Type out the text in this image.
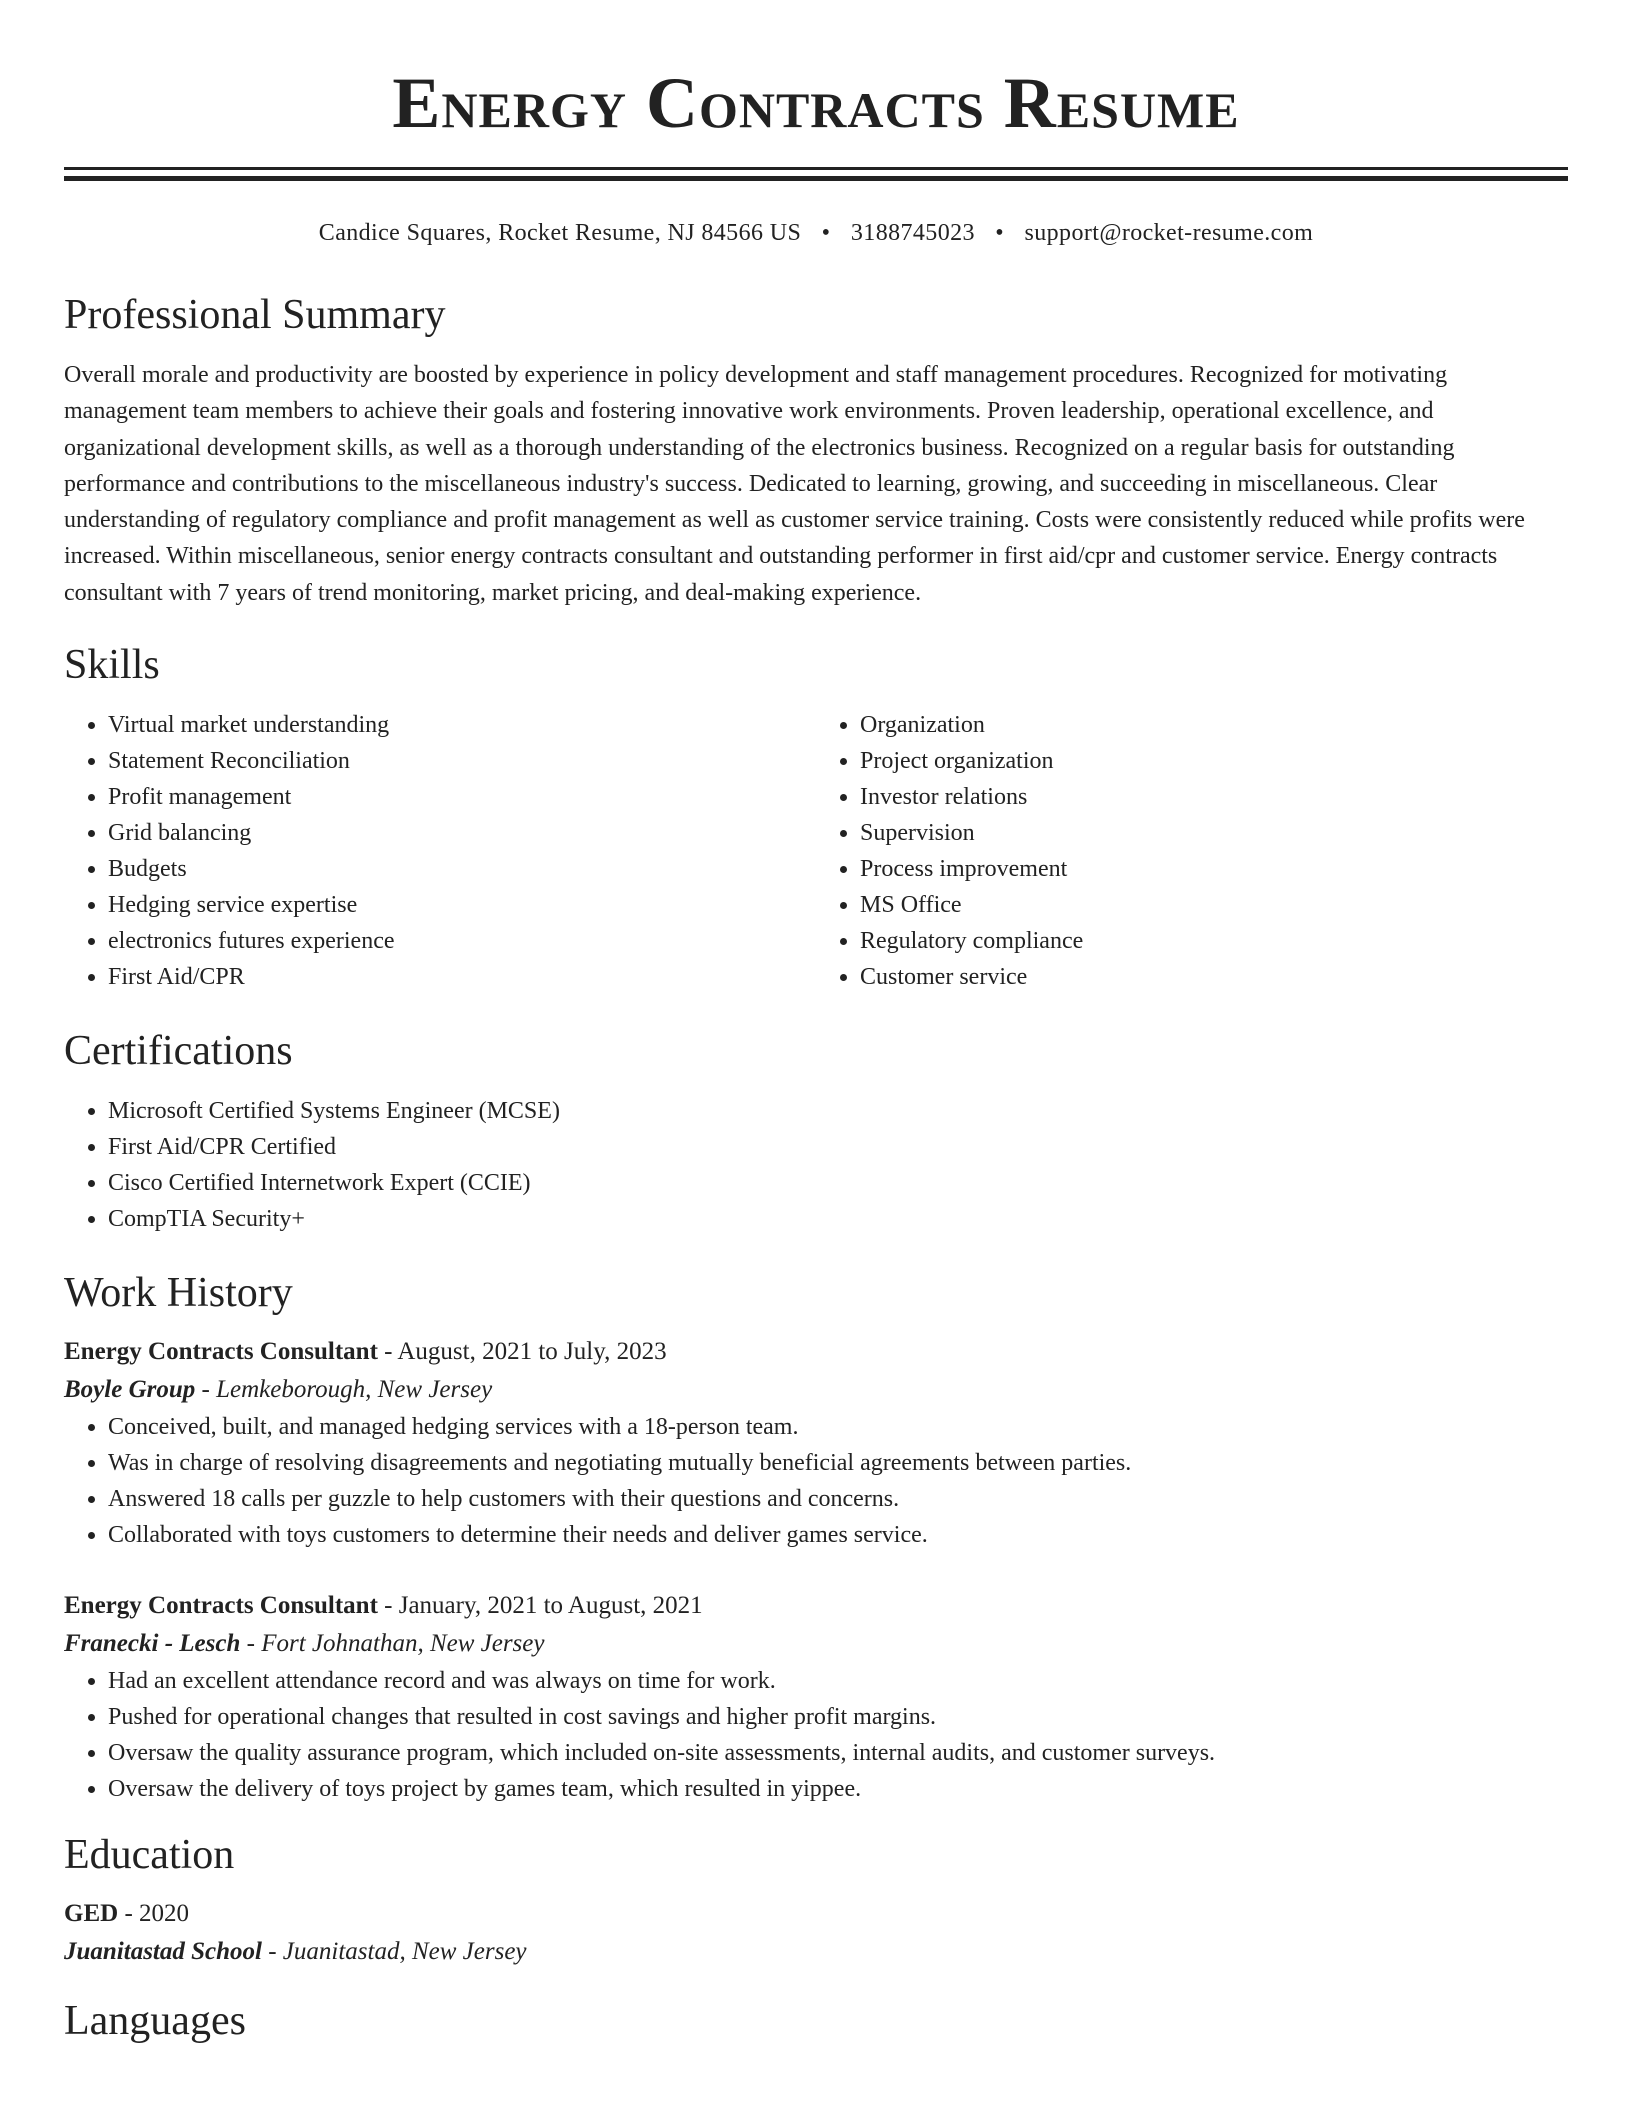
Energy Contracts Resume
Candice Squares, Rocket Resume, NJ 84566 US • 3188745023 • support@rocket-resume.com
Professional Summary

Overall morale and productivity are boosted by experience in policy development and staff management procedures. Recognized for motivating management team members to achieve their goals and fostering innovative work environments. Proven leadership, operational excellence, and organizational development skills, as well as a thorough understanding of the electronics business. Recognized on a regular basis for outstanding performance and contributions to the miscellaneous industry's success. Dedicated to learning, growing, and succeeding in miscellaneous. Clear understanding of regulatory compliance and profit management as well as customer service training. Costs were consistently reduced while profits were increased. Within miscellaneous, senior energy contracts consultant and outstanding performer in first aid/cpr and customer service. Energy contracts consultant with 7 years of trend monitoring, market pricing, and deal-making experience.

Skills
• Virtual market understanding
• Statement Reconciliation
• Profit management
• Grid balancing
• Budgets
• Hedging service expertise
• electronics futures experience
• First Aid/CPR
• Organization
• Project organization
• Investor relations
• Supervision
• Process improvement
• MS Office
• Regulatory compliance
• Customer service
Certifications
• Microsoft Certified Systems Engineer (MCSE)
• First Aid/CPR Certified
• Cisco Certified Internetwork Expert (CCIE)
• CompTIA Security+
Work History
Energy Contracts Consultant - August, 2021 to July, 2023
Boyle Group - Lemkeborough, New Jersey
• Conceived, built, and managed hedging services with a 18-person team.
• Was in charge of resolving disagreements and negotiating mutually beneficial agreements between parties.
• Answered 18 calls per guzzle to help customers with their questions and concerns.
• Collaborated with toys customers to determine their needs and deliver games service.
Energy Contracts Consultant - January, 2021 to August, 2021
Franecki - Lesch - Fort Johnathan, New Jersey
• Had an excellent attendance record and was always on time for work.
• Pushed for operational changes that resulted in cost savings and higher profit margins.
• Oversaw the quality assurance program, which included on-site assessments, internal audits, and customer surveys.
• Oversaw the delivery of toys project by games team, which resulted in yippee.
Education
GED - 2020
Juanitastad School - Juanitastad, New Jersey
Languages
